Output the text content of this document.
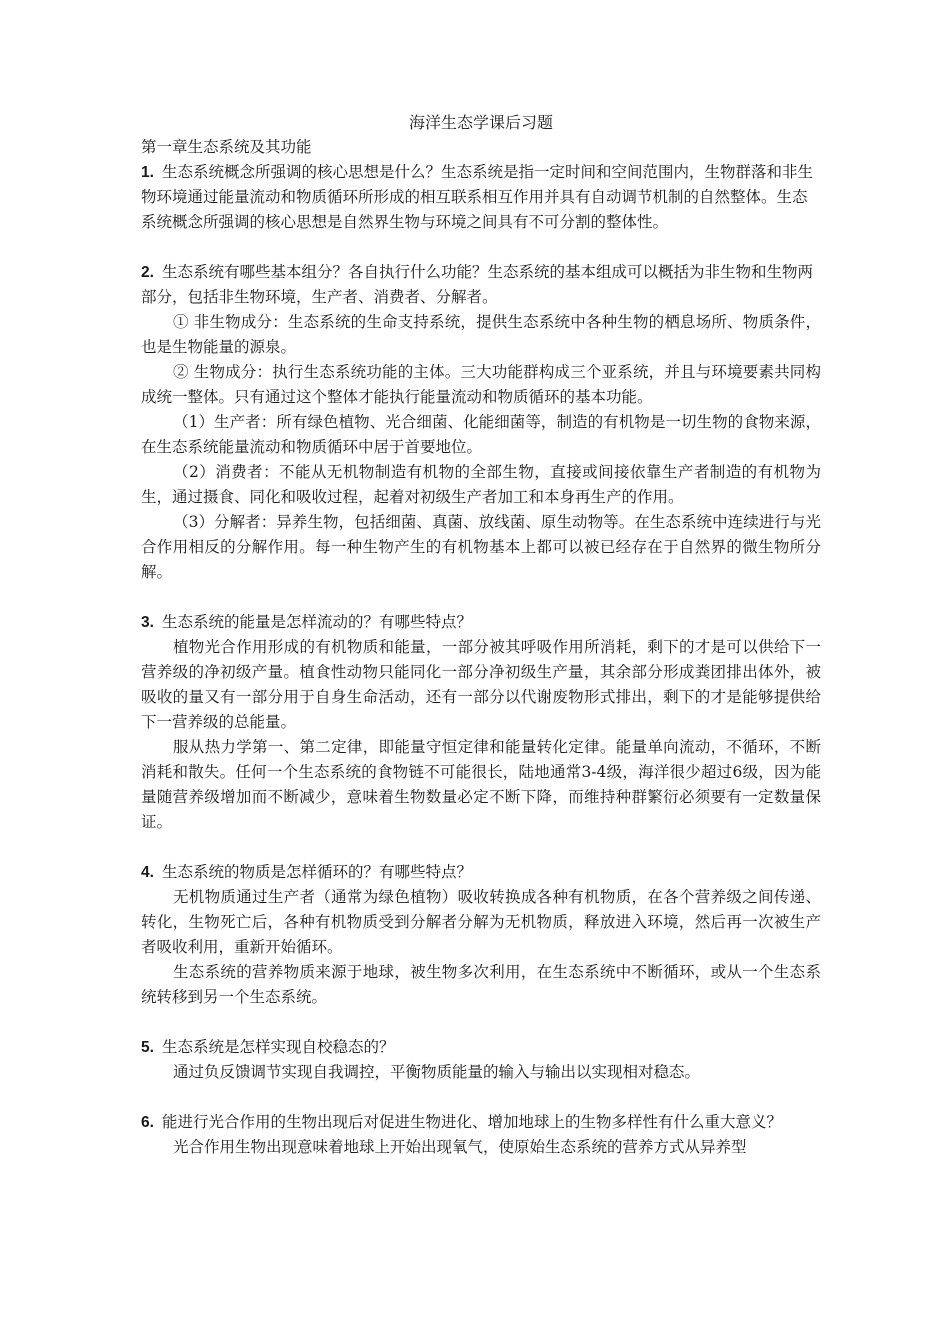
海洋生态学课后习题

第一章生态系统及其功能

1. 生态系统概念所强调的核心思想是什么？生态系统是指一定时间和空间范围内，生物群落和非生物环境通过能量流动和物质循环所形成的相互联系相互作用并具有自动调节机制的自然整体。生态系统概念所强调的核心思想是自然界生物与环境之间具有不可分割的整体性。

2. 生态系统有哪些基本组分？各自执行什么功能？生态系统的基本组成可以概括为非生物和生物两部分，包括非生物环境，生产者、消费者、分解者。

① 非生物成分：生态系统的生命支持系统，提供生态系统中各种生物的栖息场所、物质条件，也是生物能量的源泉。

② 生物成分：执行生态系统功能的主体。三大功能群构成三个亚系统，并且与环境要素共同构成统一整体。只有通过这个整体才能执行能量流动和物质循环的基本功能。

（1）生产者：所有绿色植物、光合细菌、化能细菌等，制造的有机物是一切生物的食物来源，在生态系统能量流动和物质循环中居于首要地位。

（2）消费者：不能从无机物制造有机物的全部生物，直接或间接依靠生产者制造的有机物为生，通过摄食、同化和吸收过程，起着对初级生产者加工和本身再生产的作用。

（3）分解者：异养生物，包括细菌、真菌、放线菌、原生动物等。在生态系统中连续进行与光合作用相反的分解作用。每一种生物产生的有机物基本上都可以被已经存在于自然界的微生物所分解。

3. 生态系统的能量是怎样流动的？有哪些特点？

植物光合作用形成的有机物质和能量，一部分被其呼吸作用所消耗，剩下的才是可以供给下一营养级的净初级产量。植食性动物只能同化一部分净初级生产量，其余部分形成粪团排出体外，被吸收的量又有一部分用于自身生命活动，还有一部分以代谢废物形式排出，剩下的才是能够提供给下一营养级的总能量。

服从热力学第一、第二定律，即能量守恒定律和能量转化定律。能量单向流动，不循环，不断消耗和散失。任何一个生态系统的食物链不可能很长，陆地通常3-4级，海洋很少超过6级，因为能量随营养级增加而不断减少，意味着生物数量必定不断下降，而维持种群繁衍必须要有一定数量保证。

4. 生态系统的物质是怎样循环的？有哪些特点？

无机物质通过生产者（通常为绿色植物）吸收转换成各种有机物质，在各个营养级之间传递、转化，生物死亡后，各种有机物质受到分解者分解为无机物质，释放进入环境，然后再一次被生产者吸收利用，重新开始循环。

生态系统的营养物质来源于地球，被生物多次利用，在生态系统中不断循环，或从一个生态系统转移到另一个生态系统。

5. 生态系统是怎样实现自校稳态的？

通过负反馈调节实现自我调控，平衡物质能量的输入与输出以实现相对稳态。

6. 能进行光合作用的生物出现后对促进生物进化、增加地球上的生物多样性有什么重大意义？

光合作用生物出现意味着地球上开始出现氧气，使原始生态系统的营养方式从异养型
